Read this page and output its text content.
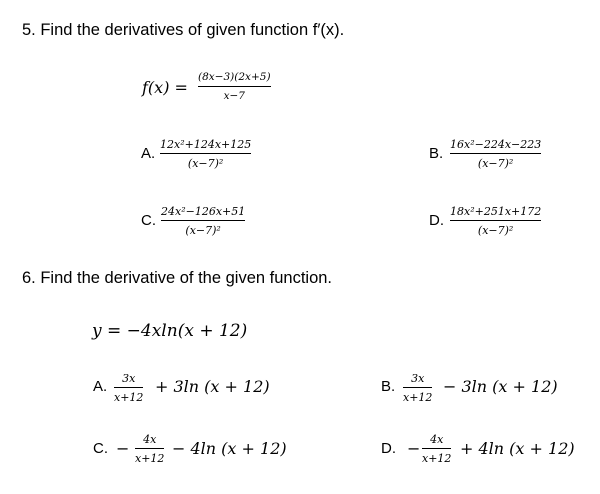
5. Find the derivatives of given function f′(x).
f(x) =
(8x−3)(2x+5)
x−7
A.
12x²+124x+125
(x−7)²
B.
16x²−224x−223
(x−7)²
C.
24x²−126x+51
(x−7)²
D.
18x²+251x+172
(x−7)²
6. Find the derivative of the given function.
y = −4xln(x + 12)
A. 3x
x+12
+ 3ln (x + 12)	B. 3x
x+12
− 3ln (x + 12)
C. − 4x
x+12
− 4ln (x + 12)	D. − 4x
x+12
+ 4ln (x + 12)
